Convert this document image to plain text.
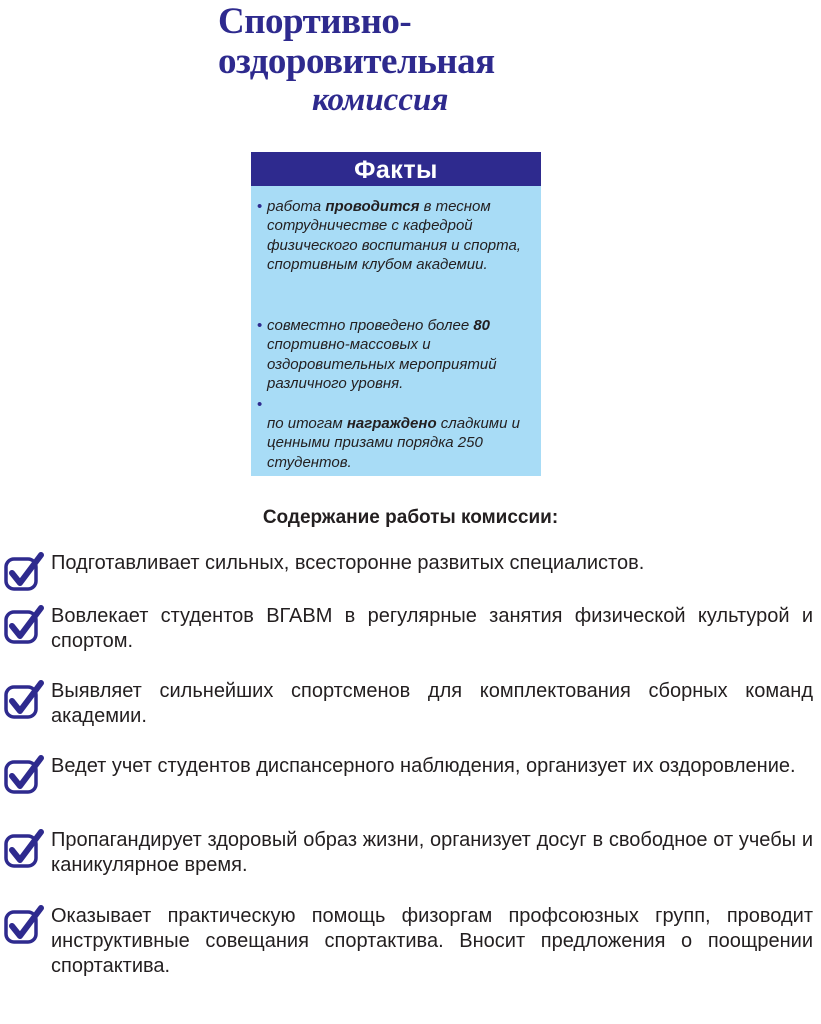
Спортивно-
оздоровительная
комиссия
Факты
• работа проводится в тесном сотрудничестве с кафедрой физического воспитания и спорта, спортивным клубом академии.
• совместно проведено более 80 спортивно-массовых и оздоровительных мероприятий различного уровня.
•
по итогам награждено сладкими и ценными призами порядка 250 студентов.
Содержание работы комиссии:
Подготавливает сильных, всесторонне развитых специалистов.
Вовлекает студентов ВГАВМ в регулярные занятия физической культурой и спортом.
Выявляет сильнейших спортсменов для комплектования сборных команд академии.
Ведет учет студентов диспансерного наблюдения, организует их оздоровление.
Пропагандирует здоровый образ жизни, организует досуг в свободное от учебы и каникулярное время.
Оказывает практическую помощь физоргам профсоюзных групп, проводит инструктивные совещания спортактива. Вносит предложения о поощрении спортактива.
